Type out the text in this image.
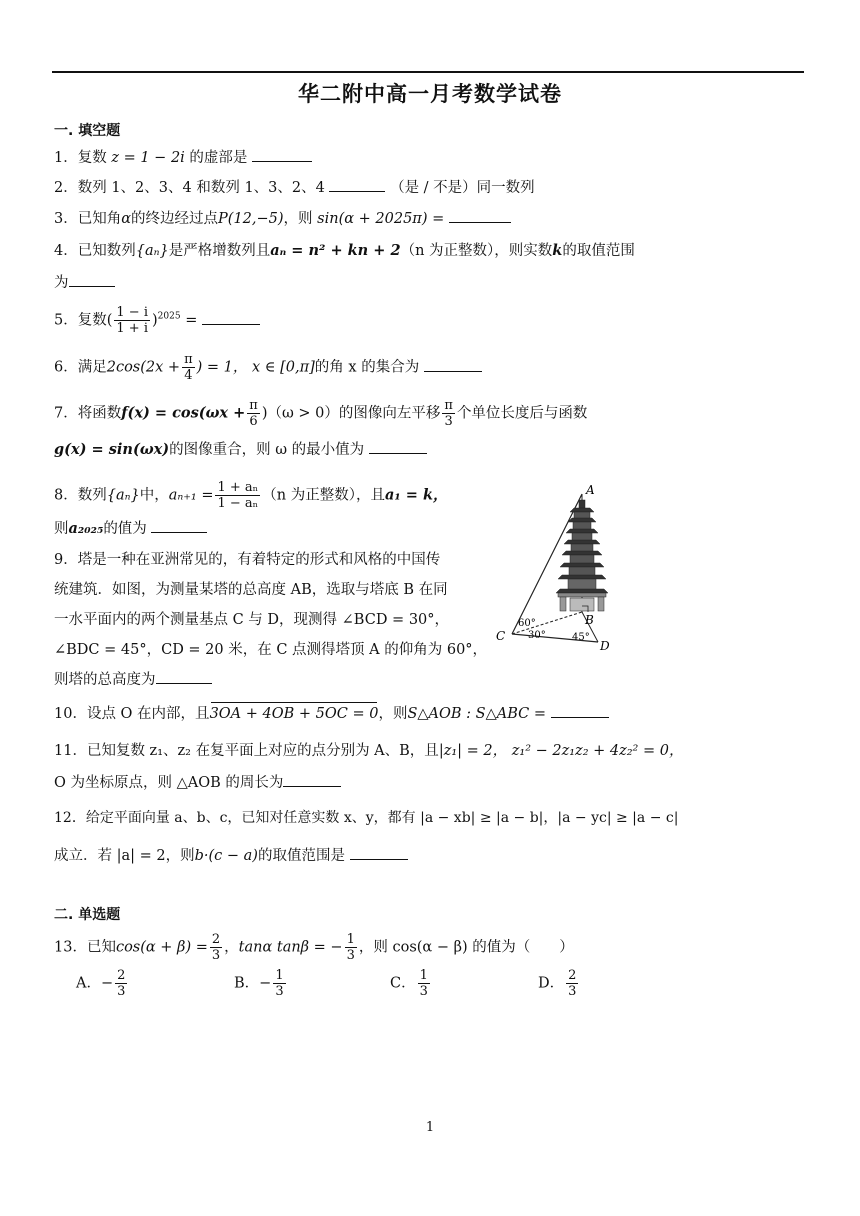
华二附中高一月考数学试卷
一. 填空题
1．复数 z = 1 − 2i 的虚部是
2．数列 1、2、3、4 和数列 1、3、2、4	（是 / 不是）同一数列
3．已知角α的终边经过点P(12,−5)，则 sin(α + 2025π) =
4．已知数列{aₙ}是严格增数列且aₙ = n² + kn + 2（n 为正整数），则实数k的取值范围
为
5．复数( $\frac{1 - i}{1 + i} )^{2025}$ =
6．满足$2\cos(2x + \frac{\pi}{4}$ ) = 1， x ∈ [0,π]的角 x 的集合为
7．将函数$f(x) = \cos(\omega x + \frac{\pi}{6} )(\omega > 0)$的图像向左平移 $\frac{\pi}{3}$ 个单位长度后与函数
g(x) = sin(ωx)的图像重合，则 ω 的最小值为
8．数列{aₙ}中，$a_{n+1} = \frac{\text{1 + aₙ}}{\text{1 − aₙ}} (n$ 为正整数），且a₁ = k，
则a₂₀₂₅的值为
9．塔是一种在亚洲常见的，有着特定的形式和风格的中国传
统建筑．如图，为测量某塔的总高度 AB，选取与塔底 B 在同
一水平面内的两个测量基点 C 与 D，现测得 ∠BCD = 30°，
∠BDC = 45°，CD = 20 米，在 C 点测得塔顶 A 的仰角为 60°，
则塔的总高度为
A
B
C
D
60°
30°	45°
10．设点 O 在内部，且3OA + 4OB + 5OC = 0，则S△AOB : S△ABC =
11．已知复数 z₁、z₂ 在复平面上对应的点分别为 A、B，且|z₁| = 2， z₁² − 2z₁z₂ + 4z₂² = 0，
O 为坐标原点，则 △AOB 的周长为
12．给定平面向量 a、b、c，已知对任意实数 x、y，都有 |a − xb| ≥ |a − b|，|a − yc| ≥ |a − c|
成立．若 |a| = 2，则b·(c − a)的取值范围是
二. 单选题
13．已知$\cos(\alpha + \beta) = \frac{2}{3}$ ，tanα tanβ = − $\frac{1}{3}$ ，则 cos(α − β) 的值为（　　）
A．− $\frac{2}{3}$	B．− $\frac{1}{3}$	C． $\frac{1}{3}$	D． $\frac{2}{3}$
1
